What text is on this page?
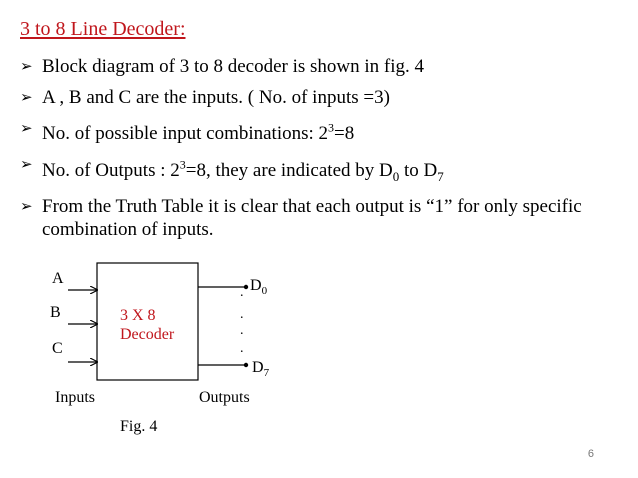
3 to 8 Line Decoder:
➢ Block diagram of 3 to 8 decoder is shown in fig. 4
➢ A , B and C are the inputs. ( No. of inputs =3)
➢ No. of possible input combinations: $2^3=8$
➢ No. of Outputs : $2^3=8$, they are indicated by $D_0$ to $D_7$
➢ From the Truth Table it is clear that each output is “1” for only specific combination of inputs.
A
B
C
3 X 8
Decoder
.
.
.
.
$D_0$
$D_7$
Inputs	Outputs
Fig. 4
6
